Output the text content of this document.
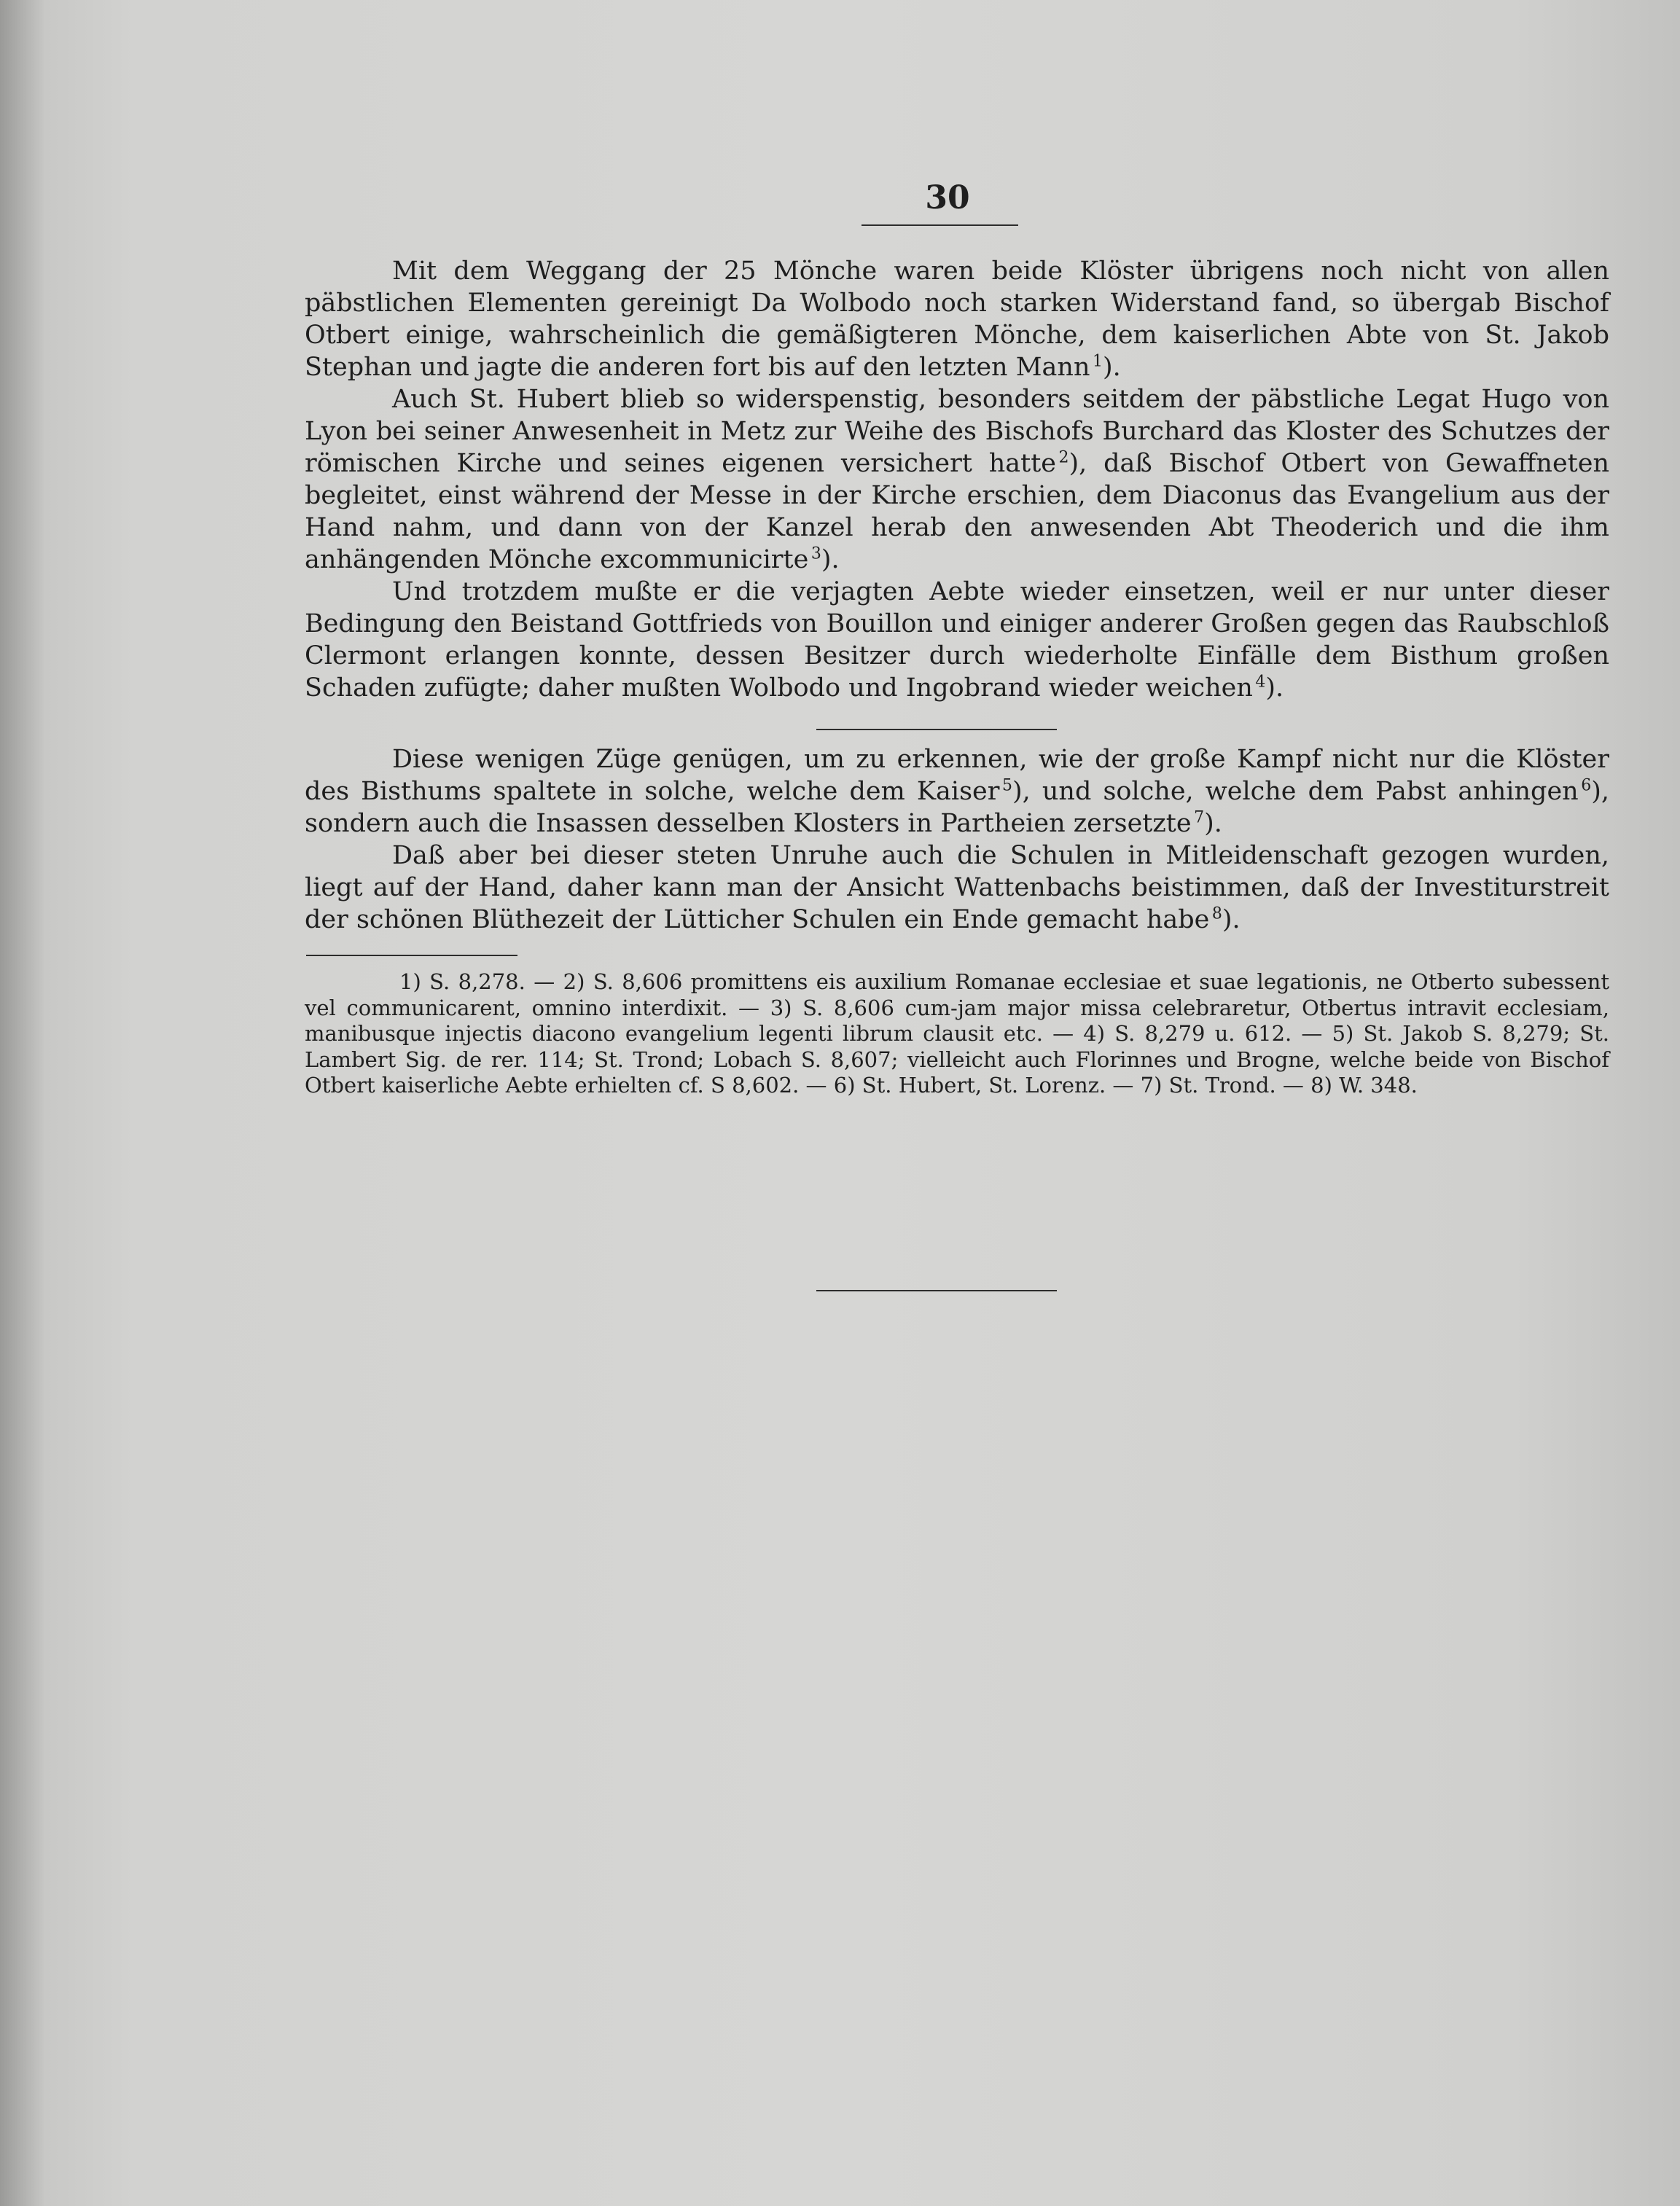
30

Mit dem Weggang der 25 Mönche waren beide Klöster übrigens noch nicht von allen päbstlichen Elementen gereinigt Da Wolbodo noch starken Widerstand fand, so übergab Bischof Otbert einige, wahrscheinlich die gemäßigteren Mönche, dem kaiserlichen Abte von St. Jakob Stephan und jagte die anderen fort bis auf den letzten Mann  $^1$).

Auch St. Hubert blieb so widerspenstig, besonders seitdem der päbstliche Legat Hugo von Lyon bei seiner Anwesenheit in Metz zur Weihe des Bischofs Burchard das Kloster des Schutzes der römischen Kirche und seines eigenen versichert hatte  $^2$), daß Bischof Otbert von Gewaffneten begleitet, einst während der Messe in der Kirche erschien, dem Diaconus das Evangelium aus der Hand nahm, und dann von der Kanzel herab den anwesenden Abt Theoderich und die ihm anhängenden Mönche excommunicirte  $^3$).

Und trotzdem mußte er die verjagten Aebte wieder einsetzen, weil er nur unter dieser Bedingung den Beistand Gottfrieds von Bouillon und einiger anderer Großen gegen das Raubschloß Clermont erlangen konnte, dessen Besitzer durch wiederholte Einfälle dem Bisthum großen Schaden zufügte; daher mußten Wolbodo und Ingobrand wieder weichen  $^4$).

Diese wenigen Züge genügen, um zu erkennen, wie der große Kampf nicht nur die Klöster des Bisthums spaltete in solche, welche dem Kaiser  $^5$), und solche, welche dem Pabst anhingen  $^6$), sondern auch die Insassen desselben Klosters in Partheien zersetzte  $^7$).

Daß aber bei dieser steten Unruhe auch die Schulen in Mitleidenschaft gezogen wurden, liegt auf der Hand, daher kann man der Ansicht Wattenbachs beistimmen, daß der Investiturstreit der schönen Blüthezeit der Lütticher Schulen ein Ende gemacht habe  $^8$).

1) S. 8,278. — 2) S. 8,606 promittens eis auxilium Romanae ecclesiae et suae legationis, ne Otberto subessent vel communicarent, omnino interdixit. — 3) S. 8,606 cum-jam major missa celebraretur, Otbertus intravit ecclesiam, manibusque injectis diacono evangelium legenti librum clausit etc. — 4) S. 8,279 u. 612. — 5) St. Jakob S. 8,279; St. Lambert Sig. de rer. 114; St. Trond; Lobach S. 8,607; vielleicht auch Florinnes und Brogne, welche beide von Bischof Otbert kaiserliche Aebte erhielten cf. S 8,602. — 6) St. Hubert, St. Lorenz. — 7) St. Trond. — 8) W. 348.
